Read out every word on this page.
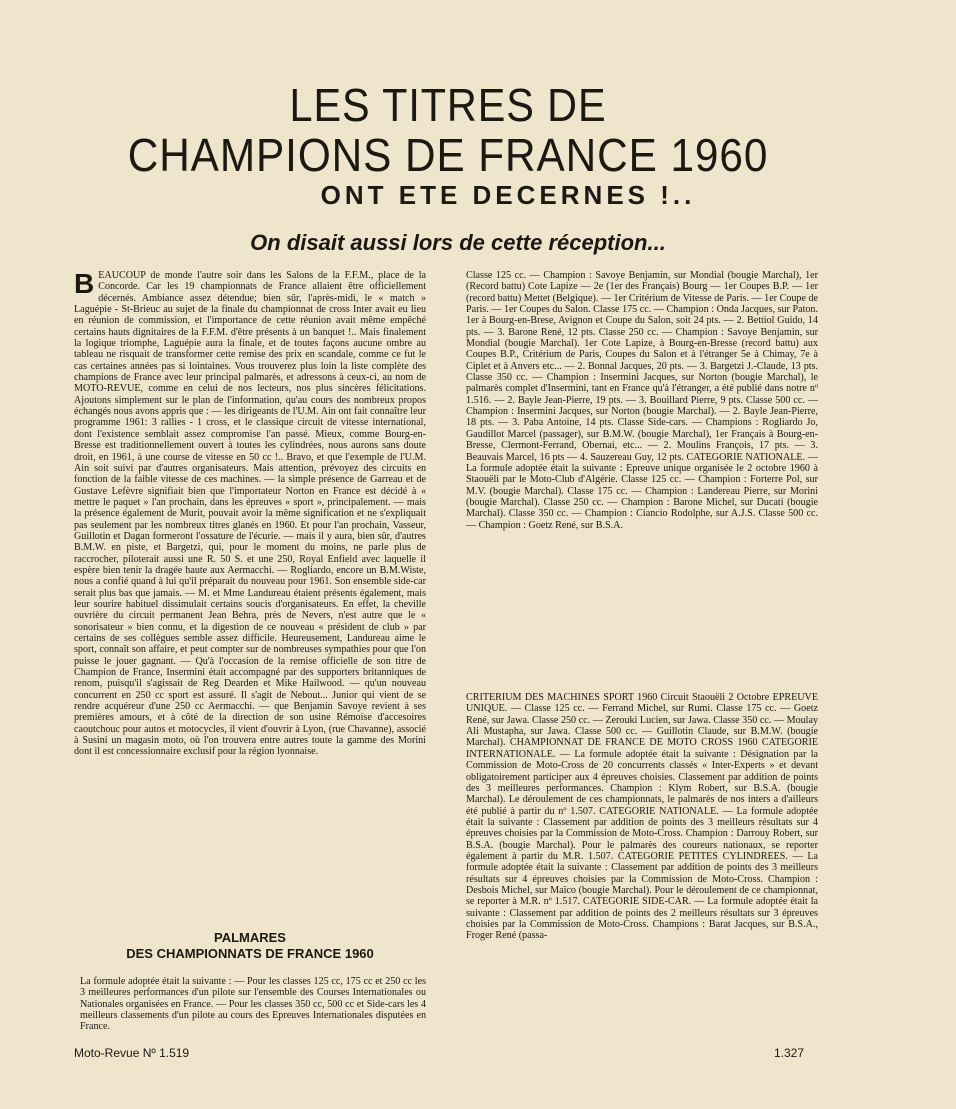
LES TITRES DE
CHAMPIONS DE FRANCE 1960
ONT ETE DECERNES !..
On disait aussi lors de cette réception...
B EAUCOUP de monde l'autre soir dans les Salons de la F.F.M., place de la Concorde. Car les 19 championnats de France allaient être officiellement décernés. Ambiance assez détendue; bien sûr, l'après-midi, le « match » Laguépie - St-Brieuc au sujet de la finale du championnat de cross Inter avait eu lieu en réunion de commission, et l'importance de cette réunion avait même empêché certains hauts dignitaires de la F.F.M. d'être présents à un banquet !.. Mais finalement la logique triomphe, Laguépie aura la finale, et de toutes façons aucune ombre au tableau ne risquait de transformer cette remise des prix en scandale, comme ce fut le cas certaines années pas si lointaines. Vous trouverez plus loin la liste complète des champions de France avec leur principal palmarès, et adressons à ceux-ci, au nom de MOTO-REVUE, comme en celui de nos lecteurs, nos plus sincères félicitations. Ajoutons simplement sur le plan de l'information, qu'au cours des nombreux propos échangés nous avons appris que : — les dirigeants de l'U.M. Ain ont fait connaître leur programme 1961: 3 rallies - 1 cross, et le classique circuit de vitesse international, dont l'existence semblait assez compromise l'an passé. Mieux, comme Bourg-en-Bresse est traditionnellement ouvert à toutes les cylindrées, nous aurons sans doute droit, en 1961, à une course de vitesse en 50 cc !.. Bravo, et que l'exemple de l'U.M. Ain soit suivi par d'autres organisateurs. Mais attention, prévoyez des circuits en fonction de la faible vitesse de ces machines. — la simple présence de Garreau et de Gustave Lefèvre signifiait bien que l'importateur Norton en France est décidé à « mettre le paquet » l'an prochain, dans les épreuves « sport », principalement. — mais la présence également de Murit, pouvait avoir la même signification et ne s'expliquait pas seulement par les nombreux titres glanés en 1960. Et pour l'an prochain, Vasseur, Guillotin et Dagan formeront l'ossature de l'écurie. — mais il y aura, bien sûr, d'autres B.M.W. en piste, et Bargetzi, qui, pour le moment du moins, ne parle plus de raccrocher, piloterait aussi une R. 50 S. et une 250, Royal Enfield avec laquelle il espère bien tenir la dragée haute aux Aermacchi. — Rogliardo, encore un B.M.Wiste, nous a confié quand à lui qu'il préparait du nouveau pour 1961. Son ensemble side-car serait plus bas que jamais. — M. et Mme Landureau étaient présents également, mais leur sourire habituel dissimulait certains soucis d'organisateurs. En effet, la cheville ouvrière du circuit permanent Jean Behra, près de Nevers, n'est autre que le « sonorisateur » bien connu, et la digestion de ce nouveau « président de club » par certains de ses collègues semble assez difficile. Heureusement, Landureau aime le sport, connaît son affaire, et peut compter sur de nombreuses sympathies pour que l'on puisse le jouer gagnant. — Qu'à l'occasion de la remise officielle de son titre de Champion de France, Insermini était accompagné par des supporters britanniques de renom, puisqu'il s'agissait de Reg Dearden et Mike Hailwood. — qu'un nouveau concurrent en 250 cc sport est assuré. Il s'agit de Nebout... Junior qui vient de se rendre acquéreur d'une 250 cc Aermacchi. — que Benjamin Savoye revient à ses premières amours, et à côté de la direction de son usine Rémoise d'accesoires caoutchouc pour autos et motocycles, il vient d'ouvrir à Lyon, (rue Chavanne), associé à Susini un magasin moto, où l'on trouvera entre autres toute la gamme des Morini dont il est concessionnaire exclusif pour la région lyonnaise.

PALMARES
DES CHAMPIONNATS DE FRANCE 1960

La formule adoptée était la suivante : — Pour les classes 125 cc, 175 cc et 250 cc les 3 meilleures performances d'un pilote sur l'ensemble des Courses Internationales ou Nationales organisées en France. — Pour les classes 350 cc, 500 cc et Side-cars les 4 meilleurs classements d'un pilote au cours des Epreuves Internationales disputées en France.

Classe 125 cc. — Champion : Savoye Benjamin, sur Mondial (bougie Marchal), 1er (Record battu) Cote Lapize — 2e (1er des Français) Bourg — 1er Coupes B.P. — 1er (record battu) Mettet (Belgique). — 1er Critérium de Vitesse de Paris. — 1er Coupe de Paris. — 1er Coupes du Salon. Classe 175 cc. — Champion : Onda Jacques, sur Paton. 1er à Bourg-en-Brese, Avignon et Coupe du Salon, soit 24 pts. — 2. Bettiol Guido, 14 pts. — 3. Barone René, 12 pts. Classe 250 cc. — Champion : Savoye Benjamin, sur Mondial (bougie Marchal). 1er Cote Lapize, à Bourg-en-Bresse (record battu) aux Coupes B.P., Critérium de Paris, Coupes du Salon et à l'étranger 5e à Chimay, 7e à Ciplet et à Anvers etc... — 2. Bonnal Jacques, 20 pts. — 3. Bargetzi J.-Claude, 13 pts. Classe 350 cc. — Champion : Insermini Jacques, sur Norton (bougie Marchal), le palmarès complet d'Insermini, tant en France qu'à l'étranger, a été publié dans notre nº 1.516. — 2. Bayle Jean-Pierre, 19 pts. — 3. Bouillard Pierre, 9 pts. Classe 500 cc. — Champion : Insermini Jacques, sur Norton (bougie Marchal). — 2. Bayle Jean-Pierre, 18 pts. — 3. Paba Antoine, 14 pts. Classe Side-cars. — Champions : Rogliardo Jo, Gaudillot Marcel (passager), sur B.M.W. (bougie Marchal), 1er Français à Bourg-en-Bresse, Clermont-Ferrand, Obernai, etc... — 2. Moulins François, 17 pts. — 3. Beauvais Marcel, 16 pts — 4. Sauzereau Guy, 12 pts. CATEGORIE NATIONALE. — La formule adoptée était la suivante : Epreuve unique organisée le 2 octobre 1960 à Staouëli par le Moto-Club d'Algérie. Classe 125 cc. — Champion : Forterre Pol, sur M.V. (bougie Marchal). Classe 175 cc. — Champion : Landereau Pierre, sur Morini (bougie Marchal). Classe 250 cc. — Champion : Barone Michel, sur Ducati (bougie Marchal). Classe 350 cc. — Champion : Ciancio Rodolphe, sur A.J.S. Classe 500 cc. — Champion : Goetz René, sur B.S.A.

CRITERIUM DES MACHINES SPORT 1960 Circuit Staouëli 2 Octobre EPREUVE UNIQUE. — Classe 125 cc. — Ferrand Michel, sur Rumi. Classe 175 cc. — Goetz René, sur Jawa. Classe 250 cc. — Zerouki Lucien, sur Jawa. Classe 350 cc. — Moulay Ali Mustapha, sur Jawa. Classe 500 cc. — Guillotin Claude, sur B.M.W. (bougie Marchal). CHAMPIONNAT DE FRANCE DE MOTO CROSS 1960 CATEGORIE INTERNATIONALE. — La formule adoptée était la suivante : Désignation par la Commission de Moto-Cross de 20 concurrents classés « Inter-Experts » et devant obligatoirement participer aux 4 épreuves choisies. Classement par addition de points des 3 meilleures performances. Champion : Klym Robert, sur B.S.A. (bougie Marchal). Le déroulement de ces championnats, le palmarès de nos inters a d'ailleurs été publié à partir du nº 1.507. CATEGORIE NATIONALE. — La formule adoptée était la suivante : Classement par addition de points des 3 meilleurs résultats sur 4 épreuves choisies par la Commission de Moto-Cross. Champion : Darrouy Robert, sur B.S.A. (bougie Marchal). Pour le palmarès des coureurs nationaux, se reporter également à partir du M.R. 1.507. CATEGORIE PETITES CYLINDREES. — La formule adoptée était la suivante : Classement par addition de points des 3 meilleurs résultats sur 4 épreuves choisies par la Commission de Moto-Cross. Champion : Desbois Michel, sur Maïco (bougie Marchal). Pour le déroulement de ce championnat, se reporter à M.R. nº 1.517. CATEGORIE SIDE-CAR. — La formule adoptée était la suivante : Classement par addition de points des 2 meilleurs résultats sur 3 épreuves choisies par la Commission de Moto-Cross. Champions : Barat Jacques, sur B.S.A., Froger René (passa-

Moto-Revue Nº 1.519	1.327
